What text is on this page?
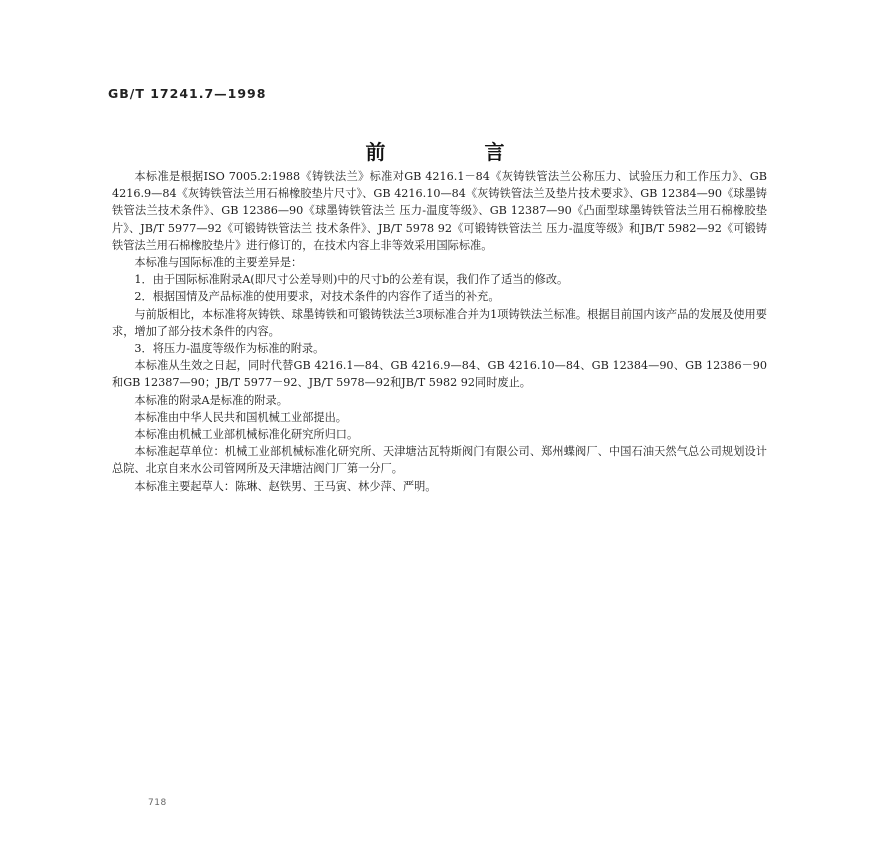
GB/T 17241.7—1998
前 言

本标准是根据ISO 7005.2:1988《铸铁法兰》标准对GB 4216.1－84《灰铸铁管法兰公称压力、试验压力和工作压力》、GB 4216.9—84《灰铸铁管法兰用石棉橡胶垫片尺寸》、GB 4216.10—84《灰铸铁管法兰及垫片技术要求》、GB 12384—90《球墨铸铁管法兰技术条件》、GB 12386—90《球墨铸铁管法兰 压力-温度等级》、GB 12387—90《凸面型球墨铸铁管法兰用石棉橡胶垫片》、JB/T 5977—92《可锻铸铁管法兰 技术条件》、JB/T 5978 92《可锻铸铁管法兰 压力-温度等级》和JB/T 5982—92《可锻铸铁管法兰用石棉橡胶垫片》进行修订的，在技术内容上非等效采用国际标准。

本标准与国际标准的主要差异是：

1．由于国际标准附录A(即尺寸公差导则)中的尺寸b的公差有误，我们作了适当的修改。

2．根据国情及产品标准的使用要求，对技术条件的内容作了适当的补充。

与前版相比，本标准将灰铸铁、球墨铸铁和可锻铸铁法兰3项标准合并为1项铸铁法兰标准。根据目前国内该产品的发展及使用要求，增加了部分技术条件的内容。

3．将压力-温度等级作为标准的附录。

本标准从生效之日起，同时代替GB 4216.1—84、GB 4216.9—84、GB 4216.10—84、GB 12384—90、GB 12386－90和GB 12387—90；JB/T 5977－92、JB/T 5978—92和JB/T 5982 92同时废止。

本标准的附录A是标准的附录。

本标准由中华人民共和国机械工业部提出。

本标准由机械工业部机械标准化研究所归口。

本标准起草单位：机械工业部机械标准化研究所、天津塘沽瓦特斯阀门有限公司、郑州蝶阀厂、中国石油天然气总公司规划设计总院、北京自来水公司管网所及天津塘沽阀门厂第一分厂。

本标准主要起草人：陈琳、赵铁男、王马寅、林少萍、严明。

718
